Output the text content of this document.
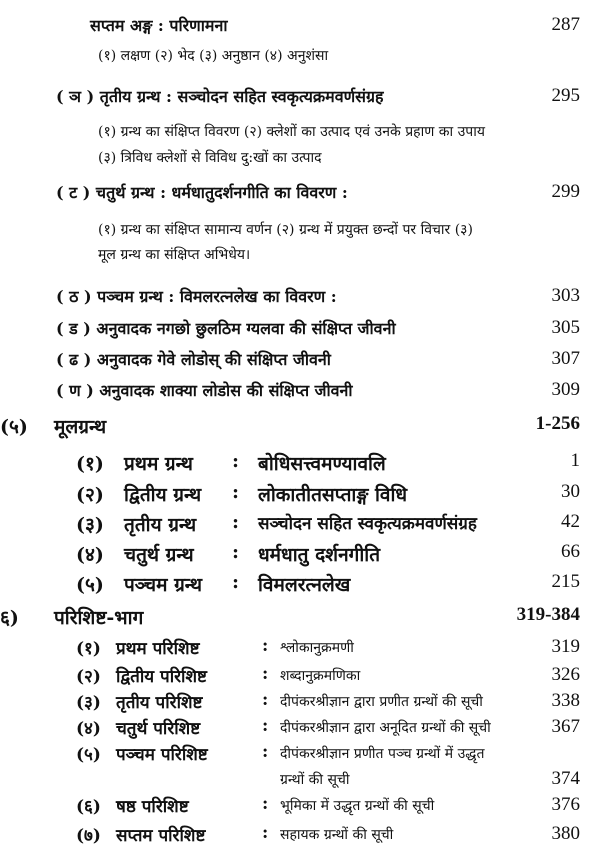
सप्तम अङ्ग : परिणामना	287
(१) लक्षण (२) भेद (३) अनुष्ठान (४) अनुशंसा
( ञ ) तृतीय ग्रन्थ : सञ्चोदन सहित स्वकृत्यक्रमवर्णसंग्रह	295
(१) ग्रन्थ का संक्षिप्त विवरण (२) क्लेशों का उत्पाद एवं उनके प्रहाण का उपाय
(३) त्रिविध क्लेशों से विविध दु:खों का उत्पाद
( ट ) चतुर्थ ग्रन्थ : धर्मधातुदर्शनगीति का विवरण :	299
(१) ग्रन्थ का संक्षिप्त सामान्य वर्णन (२) ग्रन्थ में प्रयुक्त छन्दों पर विचार (३)
मूल ग्रन्थ का संक्षिप्त अभिधेय।
( ठ ) पञ्चम ग्रन्थ : विमलरत्नलेख का विवरण :	303
( ड ) अनुवादक नगछो छुलठिम ग्यलवा की संक्षिप्त जीवनी	305
( ढ ) अनुवादक गेवे लोडोस् की संक्षिप्त जीवनी	307
( ण ) अनुवादक शाक्या लोडोस की संक्षिप्त जीवनी	309
(५) मूलग्रन्थ	1-256
(१) प्रथम ग्रन्थ : बोधिसत्त्वमण्यावलि	1
(२) द्वितीय ग्रन्थ : लोकातीतसप्ताङ्ग विधि	30
(३) तृतीय ग्रन्थ : सञ्चोदन सहित स्वकृत्यक्रमवर्णसंग्रह	42
(४) चतुर्थ ग्रन्थ : धर्मधातु दर्शनगीति	66
(५) पञ्चम ग्रन्थ : विमलरत्नलेख	215
६) परिशिष्ट-भाग	319-384
(१) प्रथम परिशिष्ट	: श्लोकानुक्रमणी	319
(२) द्वितीय परिशिष्ट	: शब्दानुक्रमणिका	326
(३) तृतीय परिशिष्ट	: दीपंकरश्रीज्ञान द्वारा प्रणीत ग्रन्थों की सूची	338
(४) चतुर्थ परिशिष्ट	: दीपंकरश्रीज्ञान द्वारा अनूदित ग्रन्थों की सूची	367
(५) पञ्चम परिशिष्ट	: दीपंकरश्रीज्ञान प्रणीत पञ्च ग्रन्थों में उद्धृत
ग्रन्थों की सूची	374
(६) षष्ठ परिशिष्ट	: भूमिका में उद्धृत ग्रन्थों की सूची	376
(७) सप्तम परिशिष्ट	: सहायक ग्रन्थों की सूची	380
